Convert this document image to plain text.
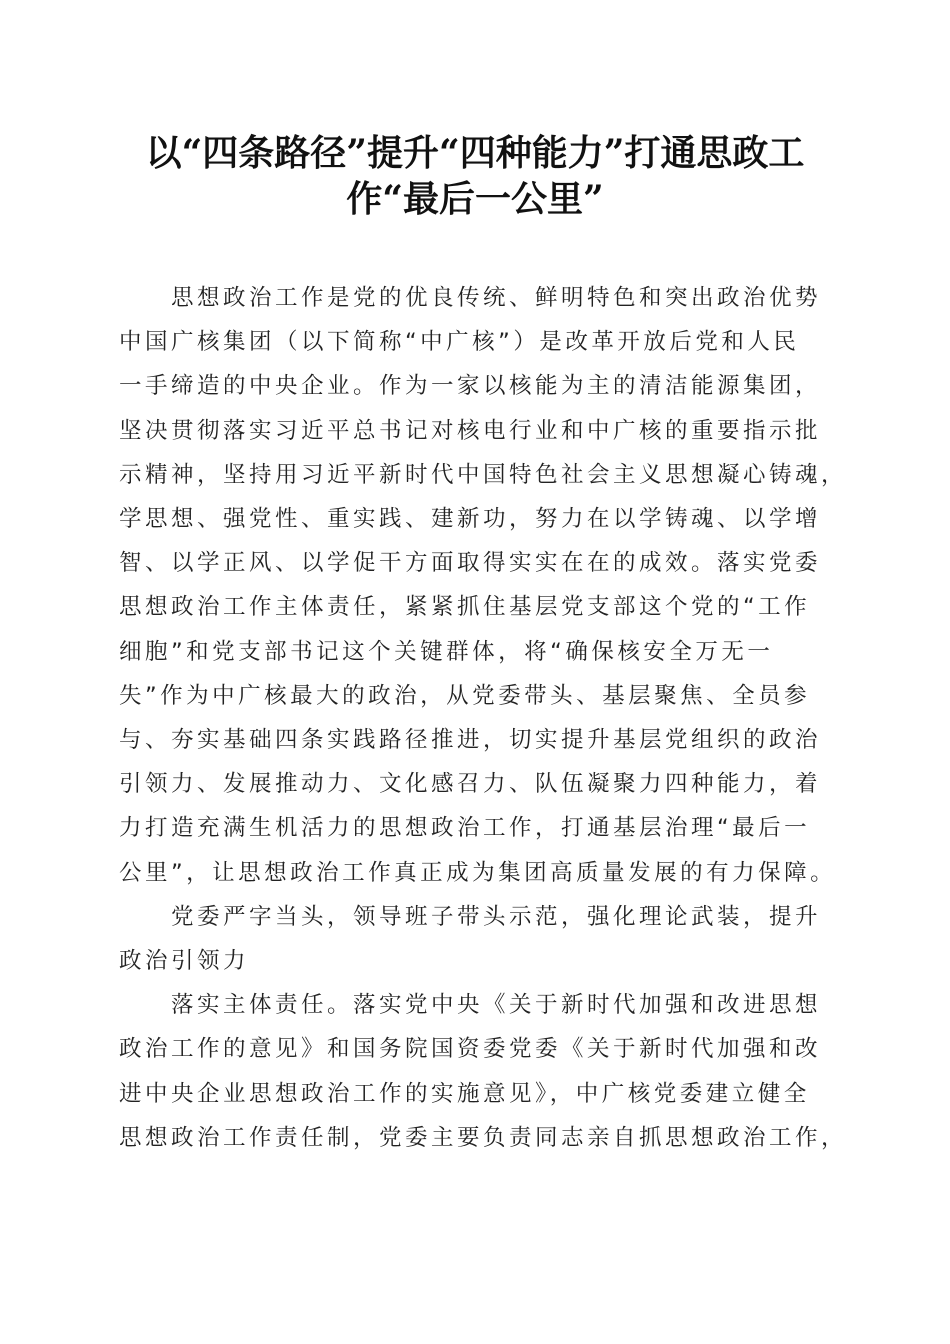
以“四条路径”提升“四种能力”打通思政工
作“最后一公里”
思想政治工作是党的优良传统、鲜明特色和突出政治优势
中国广核集团（以下简称“中广核”）是改革开放后党和人民
一手缔造的中央企业。作为一家以核能为主的清洁能源集团，
坚决贯彻落实习近平总书记对核电行业和中广核的重要指示批
示精神，坚持用习近平新时代中国特色社会主义思想凝心铸魂，
学思想、强党性、重实践、建新功，努力在以学铸魂、以学增
智、以学正风、以学促干方面取得实实在在的成效。落实党委
思想政治工作主体责任，紧紧抓住基层党支部这个党的“工作
细胞”和党支部书记这个关键群体，将“确保核安全万无一
失”作为中广核最大的政治，从党委带头、基层聚焦、全员参
与、夯实基础四条实践路径推进，切实提升基层党组织的政治
引领力、发展推动力、文化感召力、队伍凝聚力四种能力，着
力打造充满生机活力的思想政治工作，打通基层治理“最后一
公里”，让思想政治工作真正成为集团高质量发展的有力保障。
党委严字当头，领导班子带头示范，强化理论武装，提升
政治引领力
落实主体责任。落实党中央《关于新时代加强和改进思想
政治工作的意见》和国务院国资委党委《关于新时代加强和改
进中央企业思想政治工作的实施意见》，中广核党委建立健全
思想政治工作责任制，党委主要负责同志亲自抓思想政治工作，
